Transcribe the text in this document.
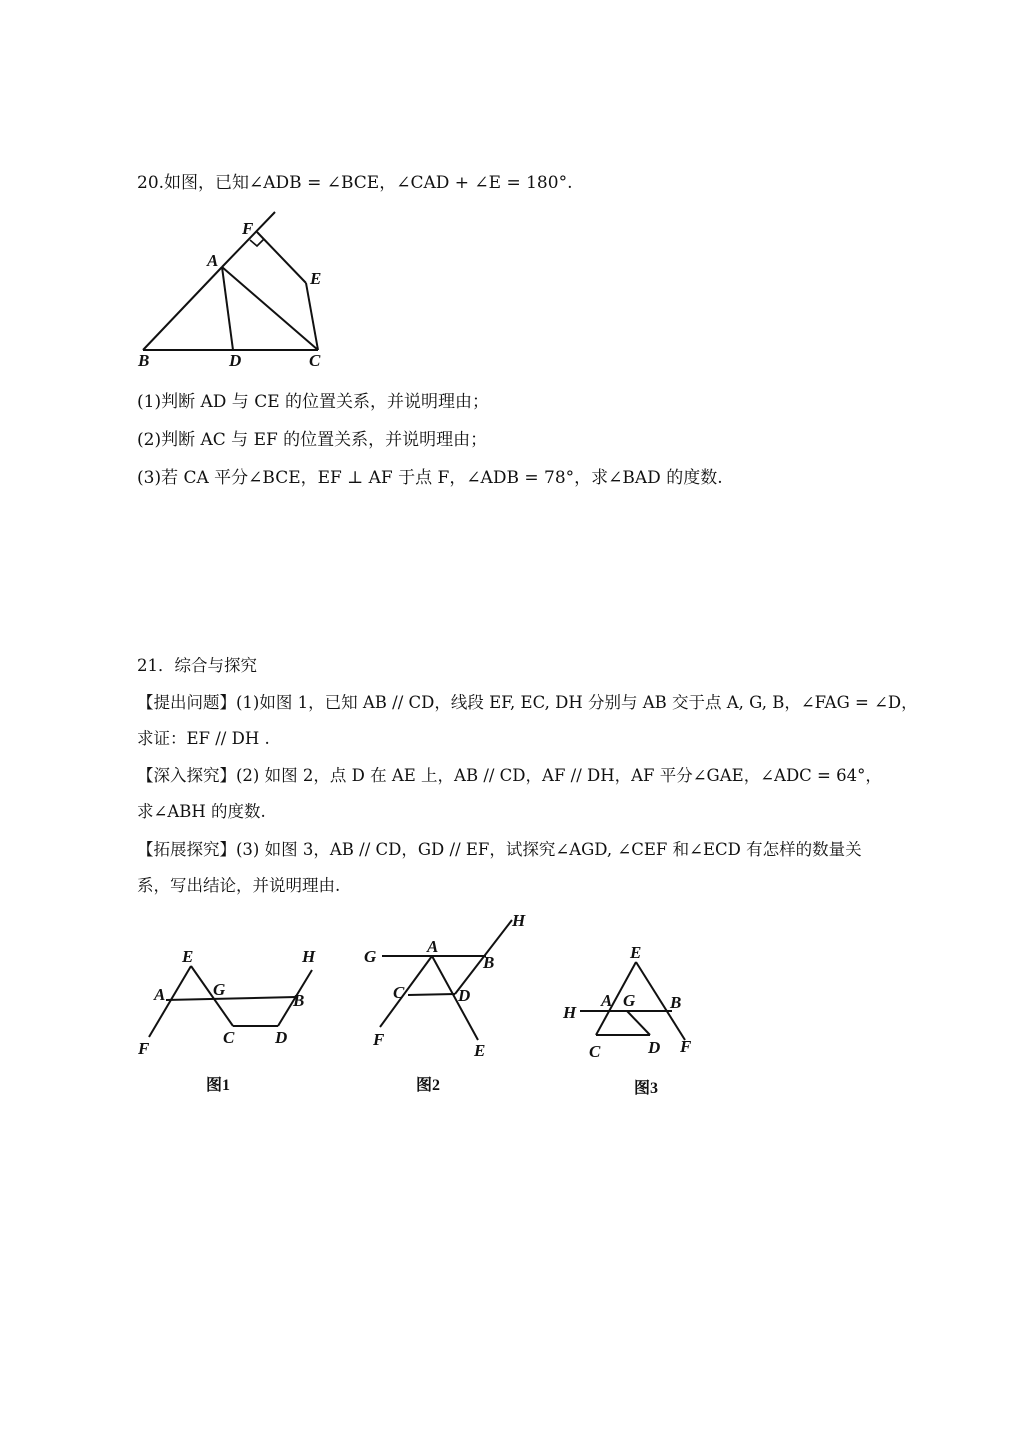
20.如图，已知∠ADB = ∠BCE，∠CAD + ∠E = 180°.
F
A
E
B	D	C
(1)判断 AD 与 CE 的位置关系，并说明理由；
(2)判断 AC 与 EF 的位置关系，并说明理由；
(3)若 CA 平分∠BCE，EF ⊥ AF 于点 F，∠ADB = 78°，求∠BAD 的度数.
21．综合与探究
【提出问题】(1)如图 1，已知 AB // CD，线段 EF, EC, DH 分别与 AB 交于点 A, G, B，∠FAG = ∠D，
求证：EF // DH .
【深入探究】(2) 如图 2，点 D 在 AE 上，AB // CD，AF // DH，AF 平分∠GAE，∠ADC = 64°，
求∠ABH 的度数.
【拓展探究】(3) 如图 3，AB // CD，GD // EF，试探究∠AGD, ∠CEF 和∠ECD 有怎样的数量关
系，写出结论，并说明理由.
E	H
A	G
B
C D
F
图1
H
G
A
B
C	D
F
E
图2
E
H
A G B
C	D F
图3
